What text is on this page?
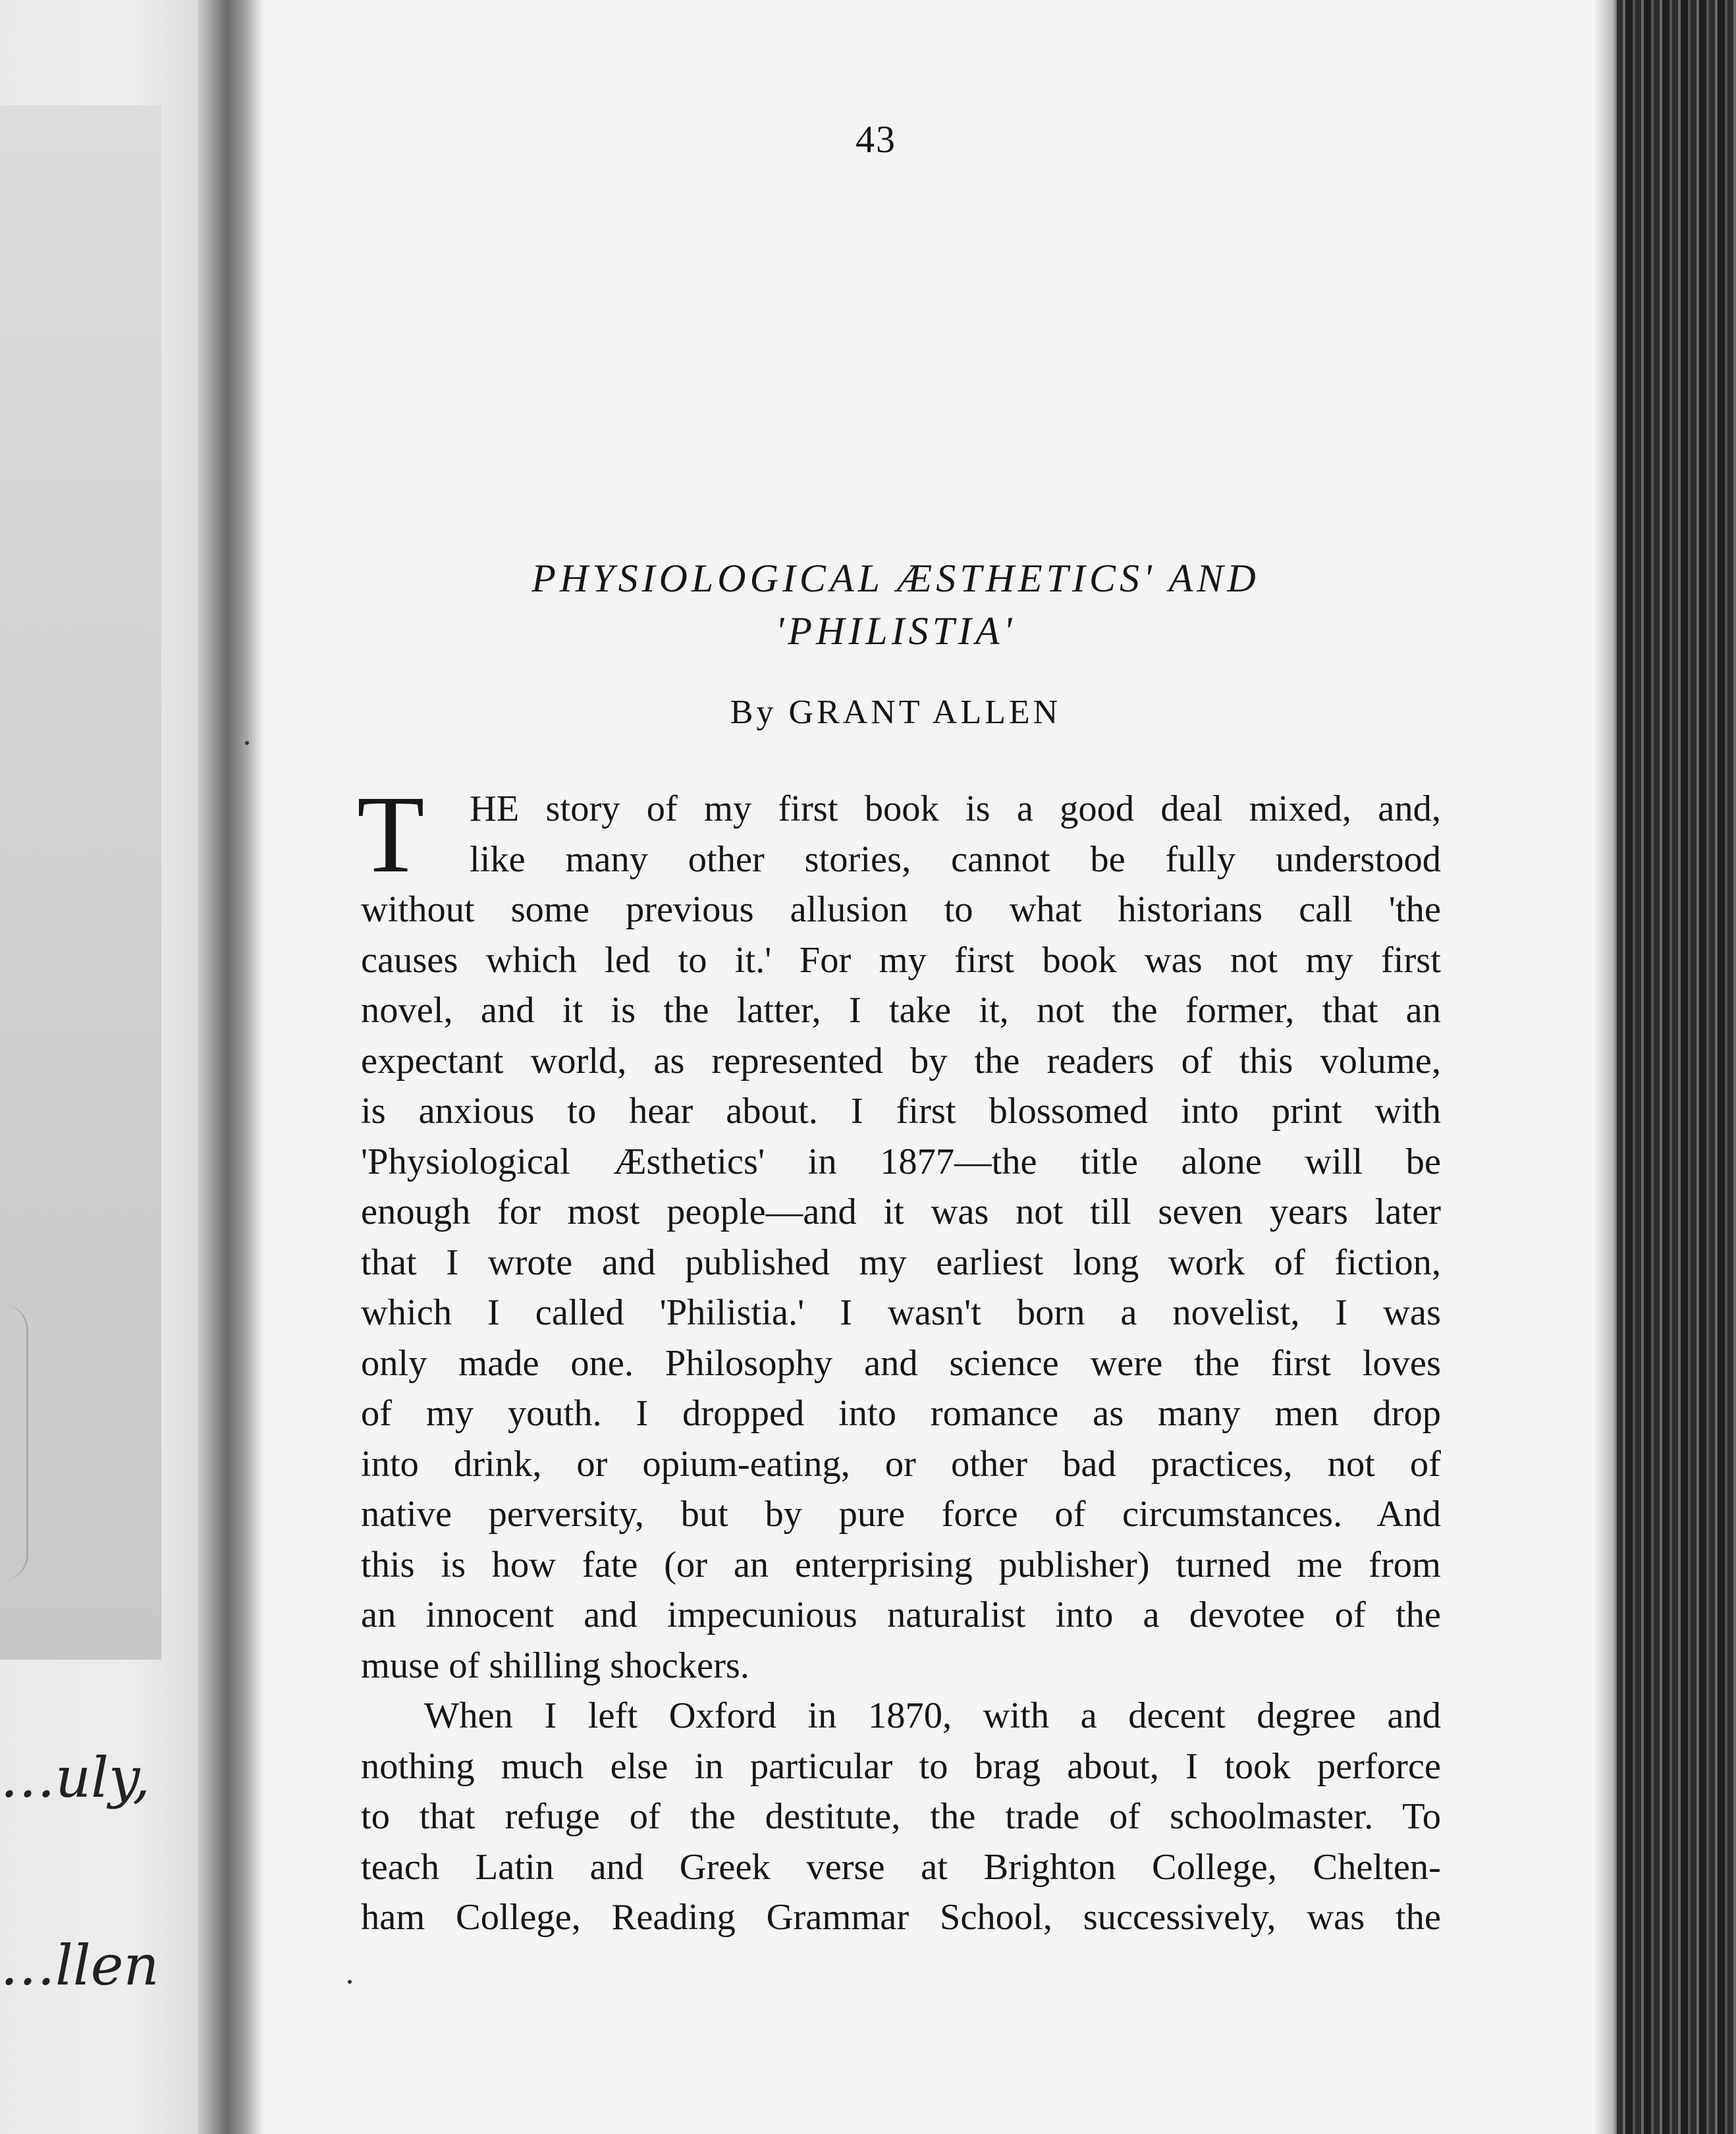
…uly,
…llen
43
PHYSIOLOGICAL ÆSTHETICS' AND
'PHILISTIA'
By GRANT ALLEN

T	HE story of my first book is a good deal mixed, and,
like many other stories, cannot be fully understood
without some previous allusion to what historians call 'the
causes which led to it.' For my first book was not my first
novel, and it is the latter, I take it, not the former, that an
expectant world, as represented by the readers of this volume,
is anxious to hear about. I first blossomed into print with
'Physiological Æsthetics' in 1877—the title alone will be
enough for most people—and it was not till seven years later
that I wrote and published my earliest long work of fiction,
which I called 'Philistia.' I wasn't born a novelist, I was
only made one. Philosophy and science were the first loves
of my youth. I dropped into romance as many men drop
into drink, or opium-eating, or other bad practices, not of
native perversity, but by pure force of circumstances. And
this is how fate (or an enterprising publisher) turned me from
an innocent and impecunious naturalist into a devotee of the
muse of shilling shockers.

When I left Oxford in 1870, with a decent degree and
nothing much else in particular to brag about, I took perforce
to that refuge of the destitute, the trade of schoolmaster. To
teach Latin and Greek verse at Brighton College, Chelten-
ham College, Reading Grammar School, successively, was the
